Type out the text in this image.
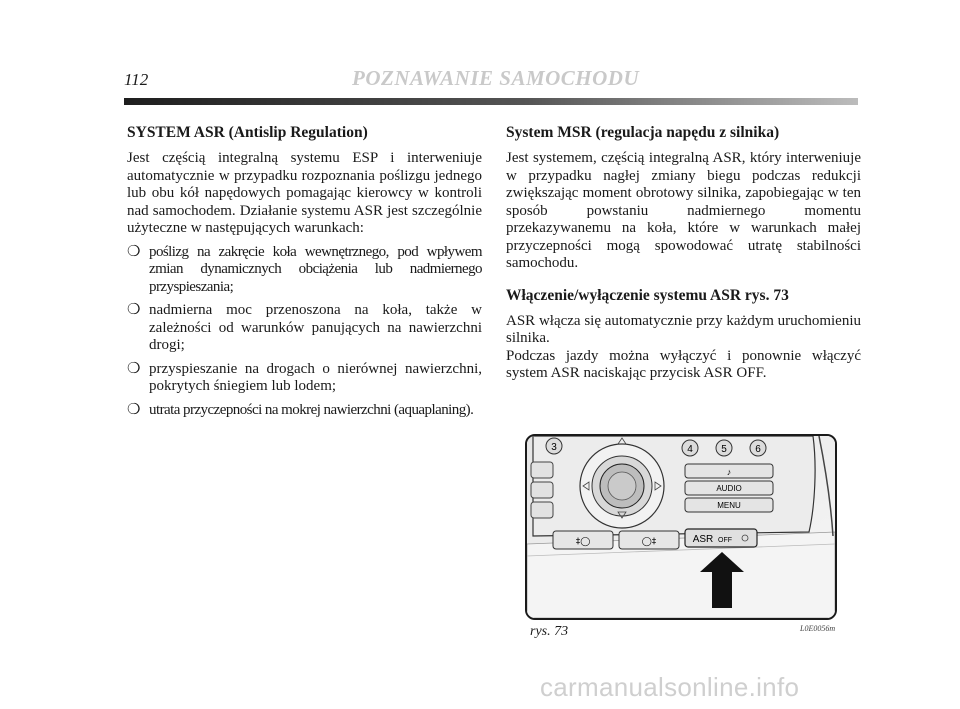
112	POZNAWANIE SAMOCHODU
SYSTEM ASR (Antislip Regulation)

Jest częścią integralną systemu ESP i interweniuje automatycznie w przypadku rozpoznania poślizgu jednego lub obu kół napędowych pomagając kierowcy w kontroli nad samochodem. Działanie systemu ASR jest szczególnie użyteczne w następujących warunkach:

❍ poślizg na zakręcie koła wewnętrznego, pod wpływem zmian dynamicznych obciążenia lub nadmiernego przyspieszania;
❍ nadmierna moc przenoszona na koła, także w zależności od warunków panujących na nawierzchni drogi;
❍ przyspieszanie na drogach o nierównej nawierzchni, pokrytych śniegiem lub lodem;
❍ utrata przyczepności na mokrej nawierzchni (aquaplaning).
System MSR (regulacja napędu z silnika)

Jest systemem, częścią integralną ASR, który interweniuje w przypadku nagłej zmiany biegu podczas redukcji zwiększając moment obrotowy silnika, zapobiegając w ten sposób powstaniu nadmiernego momentu przekazywanemu na koła, które w warunkach małej przyczepności mogą spowodować utratę stabilności samochodu.

Włączenie/wyłączenie systemu ASR rys. 73

ASR włącza się automatycznie przy każdym uruchomieniu silnika.

Podczas jazdy można wyłączyć i ponownie włączyć system ASR naciskając przycisk ASR OFF.

3	4	5	6
♪
AUDIO
MENU
‡◯	◯‡	ASR OFF
rys. 73	L0E0056m
carmanualsonline.info
